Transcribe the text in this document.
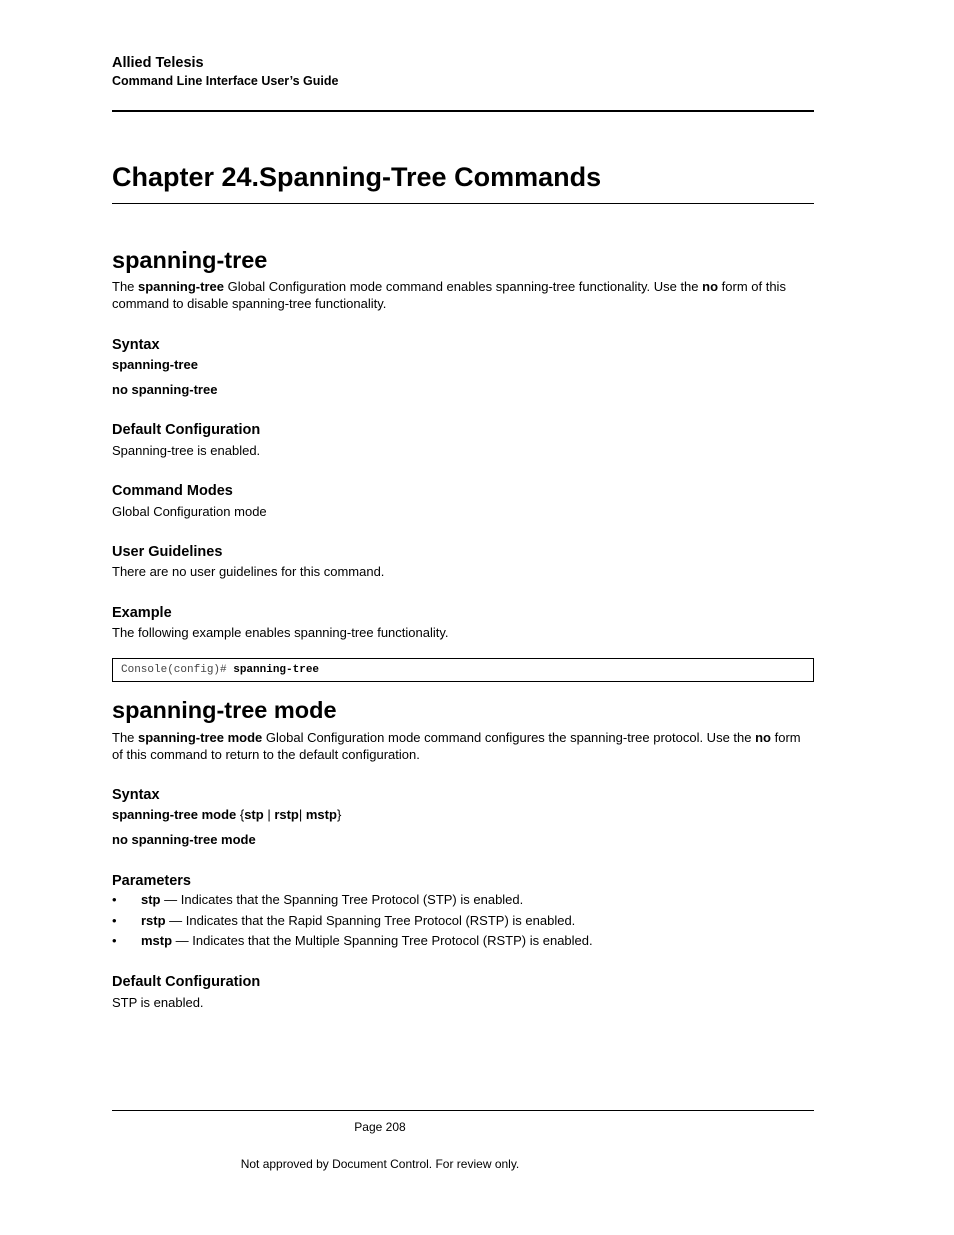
Allied Telesis
Command Line Interface User’s Guide
Chapter 24.Spanning-Tree Commands
spanning-tree

The spanning-tree Global Configuration mode command enables spanning-tree functionality. Use the no form of this command to disable spanning-tree functionality.

Syntax

spanning-tree

no spanning-tree

Default Configuration

Spanning-tree is enabled.

Command Modes

Global Configuration mode

User Guidelines

There are no user guidelines for this command.

Example

The following example enables spanning-tree functionality.

Console(config)# spanning-tree
spanning-tree mode

The spanning-tree mode Global Configuration mode command configures the spanning-tree protocol. Use the no form of this command to return to the default configuration.

Syntax

spanning-tree mode {stp | rstp| mstp}

no spanning-tree mode

Parameters
• stp — Indicates that the Spanning Tree Protocol (STP) is enabled.
• rstp — Indicates that the Rapid Spanning Tree Protocol (RSTP) is enabled.
• mstp — Indicates that the Multiple Spanning Tree Protocol (RSTP) is enabled.
Default Configuration

STP is enabled.

Page 208
Not approved by Document Control. For review only.
